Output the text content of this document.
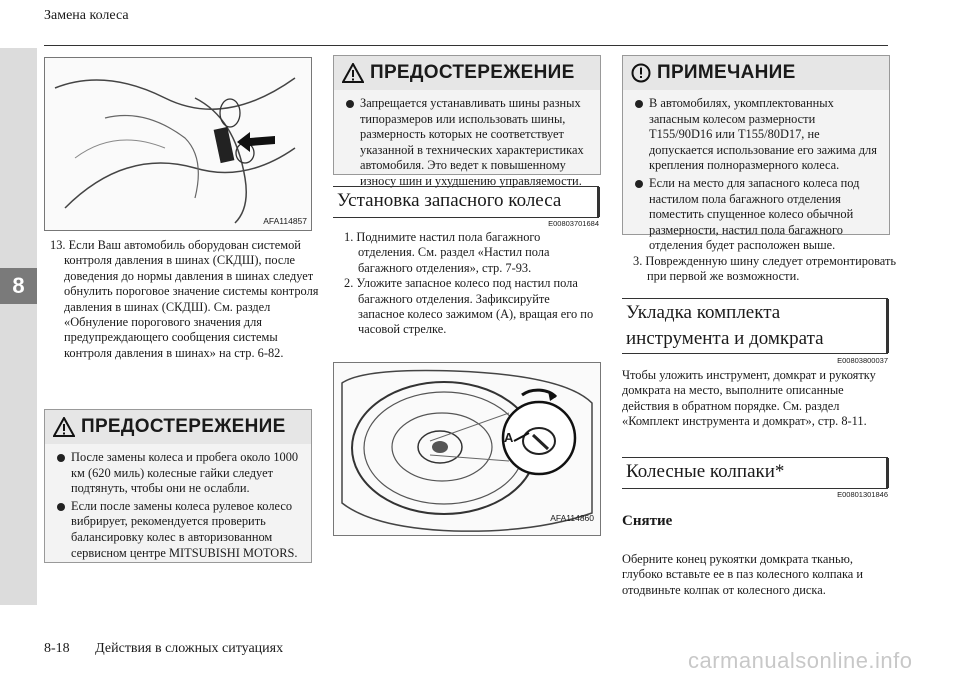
8
Замена колеса
AFA114857
13. Если Ваш автомобиль оборудован системой контроля давления в шинах (СКДШ), после доведения до нормы давления в шинах следует обнулить пороговое значение системы контроля давления в шинах (СКДШ). См. раздел «Обнуление порогового значения для предупреждающего сообщения системы контроля давления в шинах» на стр. 6-82.
ПРЕДОСТЕРЕЖЕНИЕ
После замены колеса и пробега около 1000 км (620 миль) колесные гайки следует подтянуть, чтобы они не ослабли.
Если после замены колеса рулевое колесо вибрирует, рекомендуется проверить балансировку колес в авторизованном сервисном центре MITSUBISHI MOTORS.
ПРЕДОСТЕРЕЖЕНИЕ
Запрещается устанавливать шины разных типоразмеров или использовать шины, размерность которых не соответствует указанной в технических характеристиках автомобиля. Это ведет к повышенному износу шин и ухудшению управляемости.
Установка запасного колеса
E00803701684

1. Поднимите настил пола багажного отделения. См. раздел «Настил пола багажного отделения», стр. 7-93.

2. Уложите запасное колесо под настил пола багажного отделения. Зафиксируйте запасное колесо зажимом (A), вращая его по часовой стрелке.

A
AFA114860
ПРИМЕЧАНИЕ
В автомобилях, укомплектованных запасным колесом размерности T155/90D16 или T155/80D17, не допускается использование его зажима для крепления полноразмерного колеса.
Если на место для запасного колеса под настилом пола багажного отделения поместить спущенное колесо обычной размерности, настил пола багажного отделения будет расположен выше.
3. Поврежденную шину следует отремонтировать при первой же возможности.
Укладка комплекта инструмента и домкрата
E00803800037
Чтобы уложить инструмент, домкрат и рукоятку домкрата на место, выполните описанные действия в обратном порядке. См. раздел «Комплект инструмента и домкрат», стр. 8-11.
Колесные колпаки*
E00801301846
Снятие
Оберните конец рукоятки домкрата тканью, глубоко вставьте ее в паз колесного колпака и отодвиньте колпак от колесного диска.
8-18 Действия в сложных ситуациях	carmanualsonline.info
